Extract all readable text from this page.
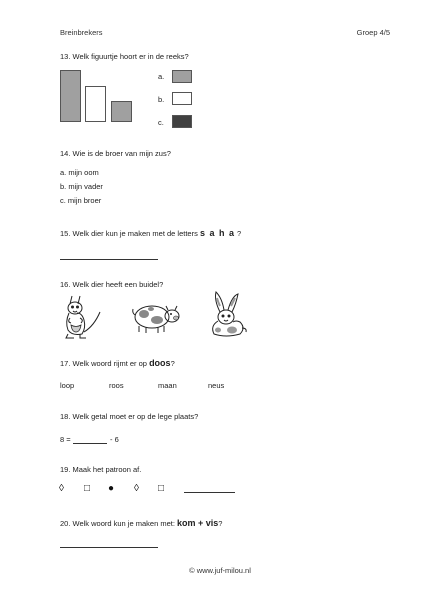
Breinbrekers	Groep 4/5
13. Welk figuurtje hoort er in de reeks?
a.
b.
c.
14. Wie is de broer van mijn zus?
a. mijn oom
b. mijn vader
c. mijn broer
15. Welk dier kun je maken met de letters s a h a ?
16. Welk dier heeft een buidel?
17. Welk woord rijmt er op doos?
loop	roos	maan	neus
18. Welk getal moet er op de lege plaats?
8 =	- 6
19. Maak het patroon af.
◊ □ ● ◊ □
20. Welk woord kun je maken met: kom + vis?
© www.juf-milou.nl
